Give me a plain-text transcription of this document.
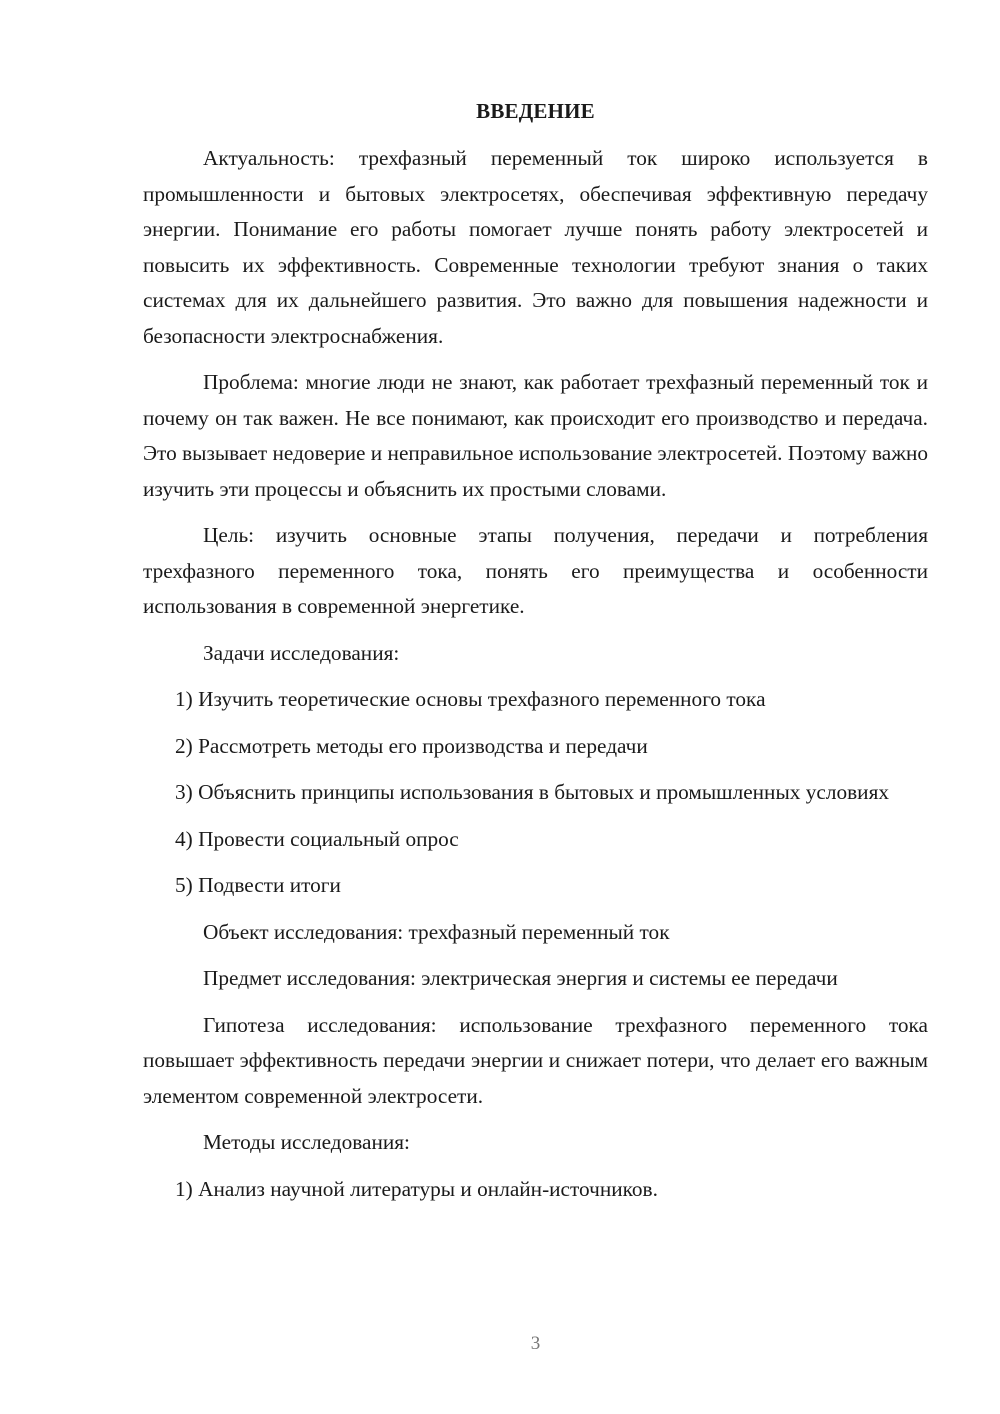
ВВЕДЕНИЕ

Актуальность: трехфазный переменный ток широко используется в промышленности и бытовых электросетях, обеспечивая эффективную передачу энергии. Понимание его работы помогает лучше понять работу электросетей и повысить их эффективность. Современные технологии требуют знания о таких системах для их дальнейшего развития. Это важно для повышения надежности и безопасности электроснабжения.

Проблема: многие люди не знают, как работает трехфазный переменный ток и почему он так важен. Не все понимают, как происходит его производство и передача. Это вызывает недоверие и неправильное использование электросетей. Поэтому важно изучить эти процессы и объяснить их простыми словами.

Цель: изучить основные этапы получения, передачи и потребления трехфазного переменного тока, понять его преимущества и особенности использования в современной энергетике.

Задачи исследования:

1) Изучить теоретические основы трехфазного переменного тока

2) Рассмотреть методы его производства и передачи

3) Объяснить принципы использования в бытовых и промышленных условиях

4) Провести социальный опрос

5) Подвести итоги

Объект исследования: трехфазный переменный ток

Предмет исследования: электрическая энергия и системы ее передачи

Гипотеза исследования: использование трехфазного переменного тока повышает эффективность передачи энергии и снижает потери, что делает его важным элементом современной электросети.

Методы исследования:

1) Анализ научной литературы и онлайн-источников.

3
